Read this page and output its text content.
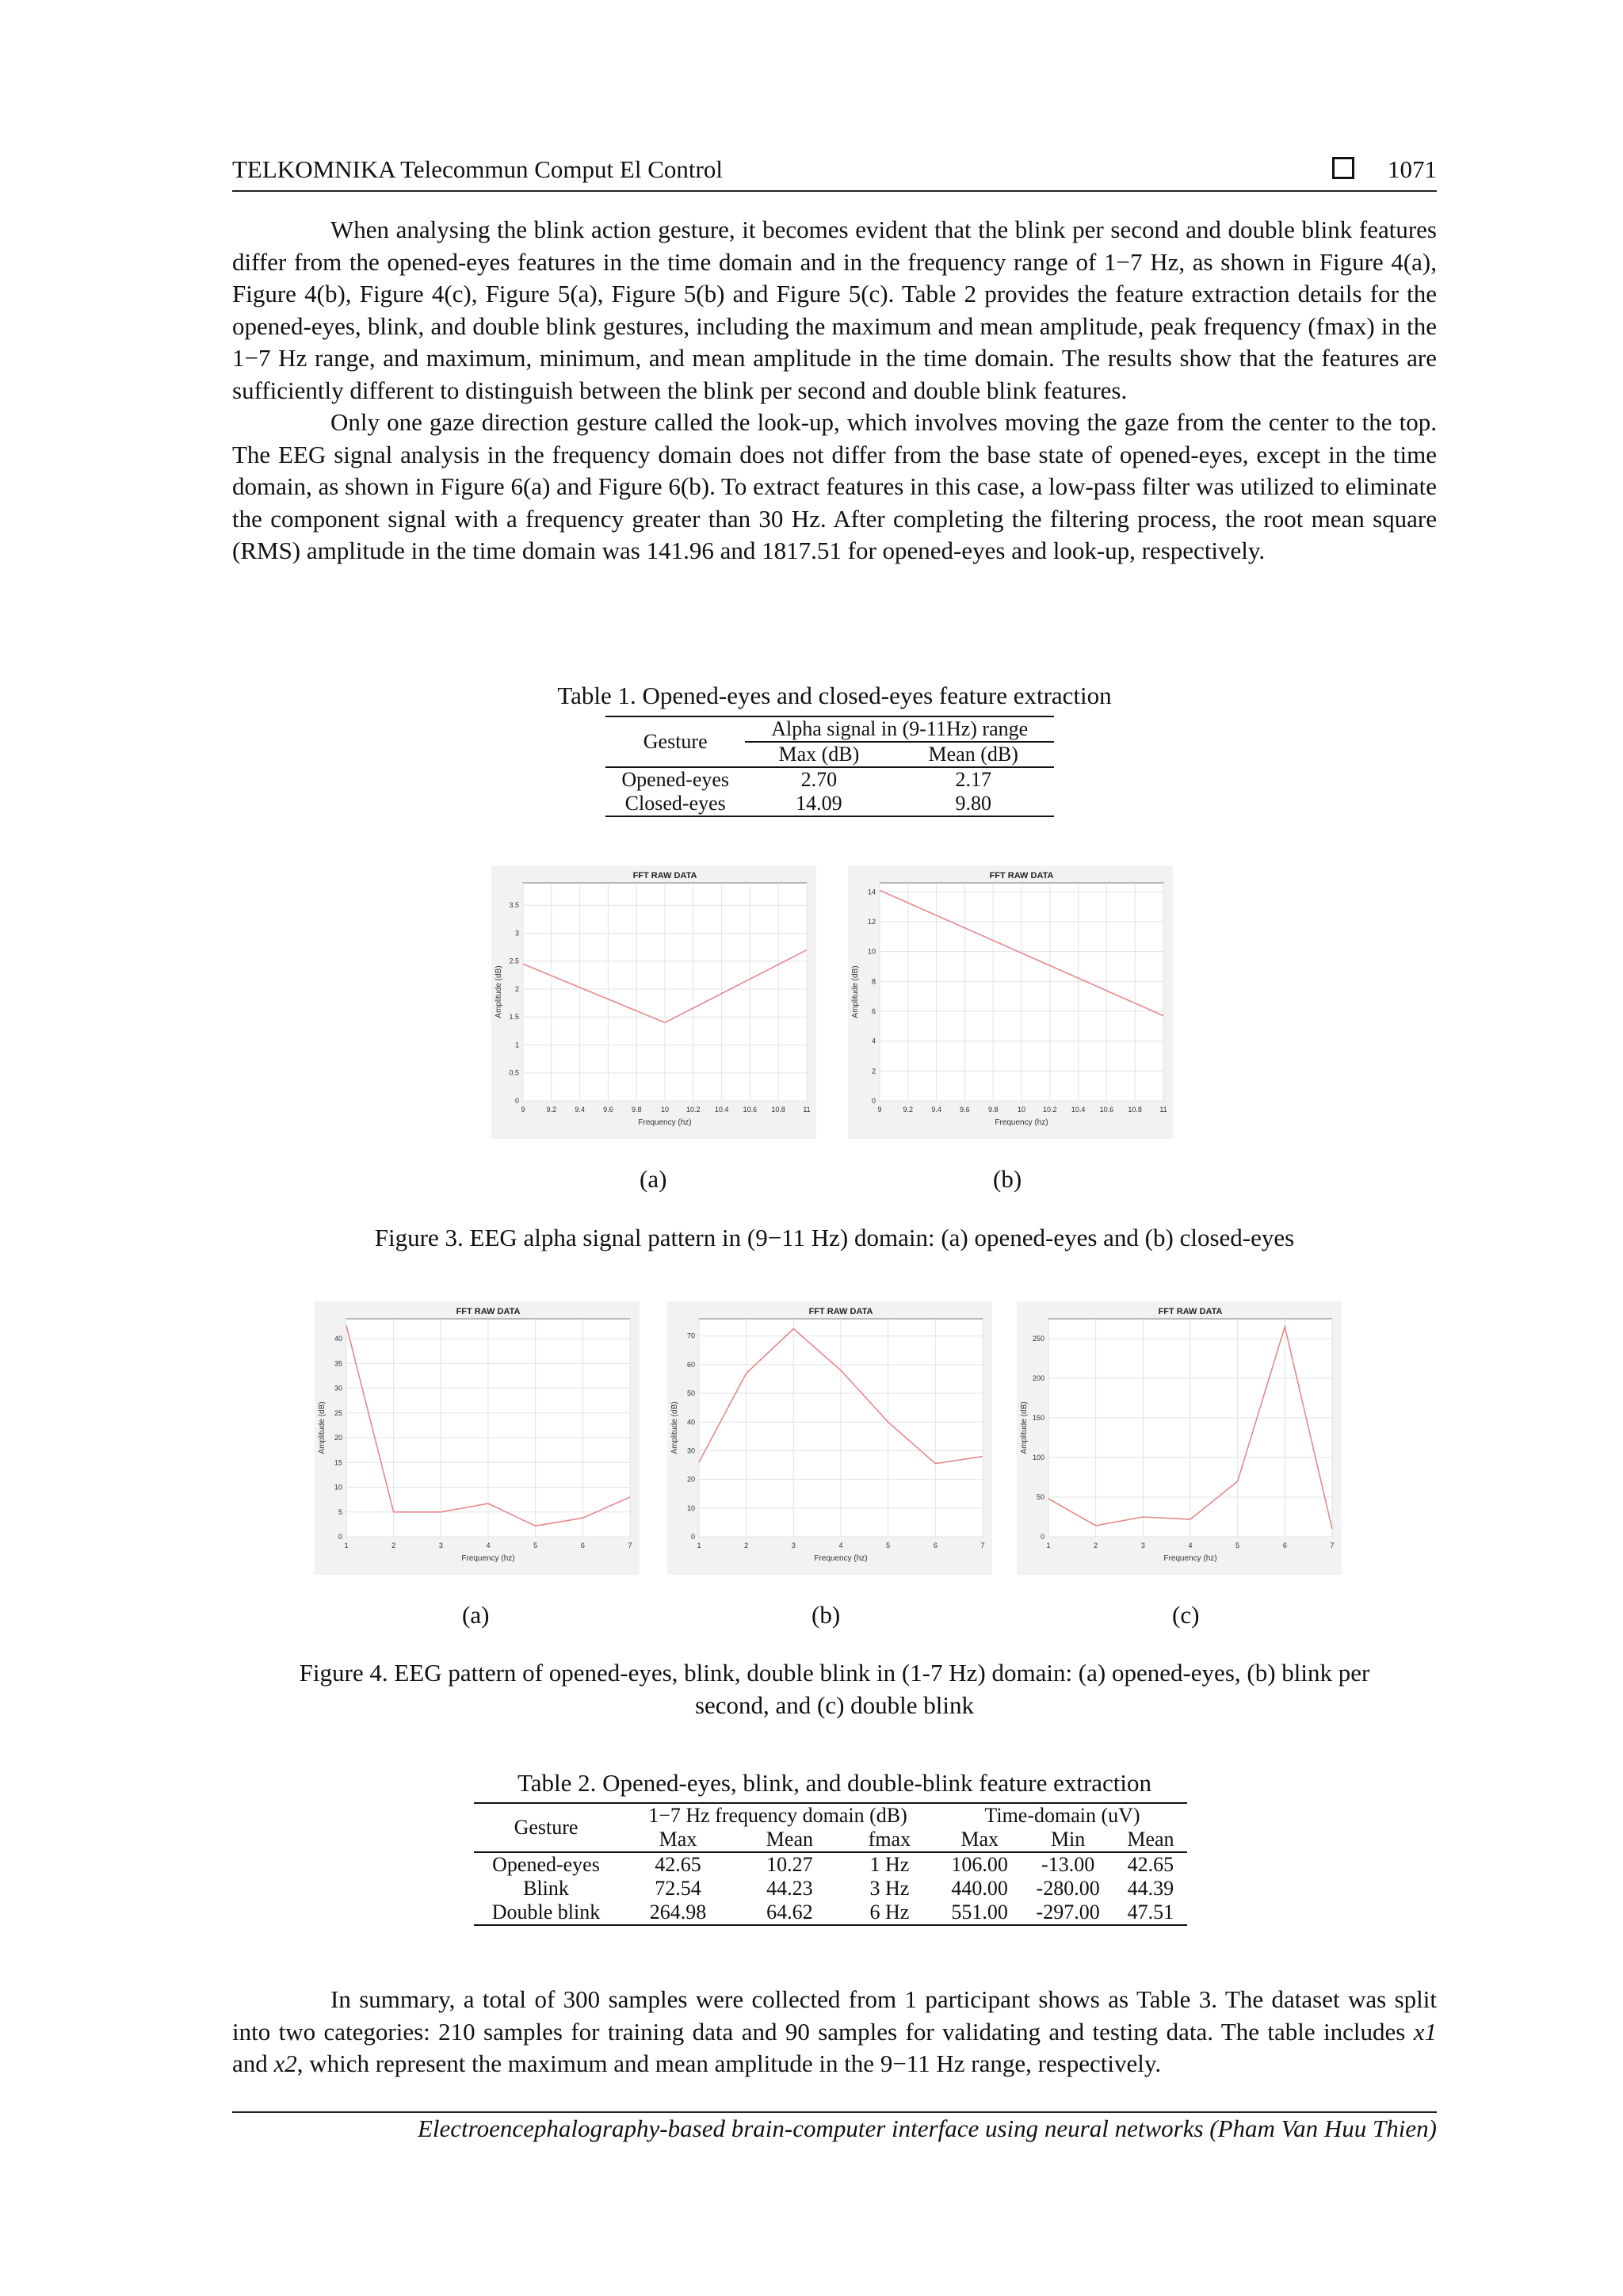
TELKOMNIKA Telecommun Comput El Control	1071

When analysing the blink action gesture, it becomes evident that the blink per second and double blink features differ from the opened-eyes features in the time domain and in the frequency range of 1−7 Hz, as shown in Figure 4(a), Figure 4(b), Figure 4(c), Figure 5(a), Figure 5(b) and Figure 5(c). Table 2 provides the feature extraction details for the opened-eyes, blink, and double blink gestures, including the maximum and mean amplitude, peak frequency (fmax) in the 1−7 Hz range, and maximum, minimum, and mean amplitude in the time domain. The results show that the features are sufficiently different to distinguish between the blink per second and double blink features.

Only one gaze direction gesture called the look-up, which involves moving the gaze from the center to the top. The EEG signal analysis in the frequency domain does not differ from the base state of opened-eyes, except in the time domain, as shown in Figure 6(a) and Figure 6(b). To extract features in this case, a low-pass filter was utilized to eliminate the component signal with a frequency greater than 30 Hz. After completing the filtering process, the root mean square (RMS) amplitude in the time domain was 141.96 and 1817.51 for opened-eyes and look-up, respectively.

Table 1. Opened-eyes and closed-eyes feature extraction
Gesture	Alpha signal in (9-11Hz) range	
	Max (dB)	Mean (dB)
Opened-eyes	2.70	2.17
Closed-eyes	14.09	9.80
9	9.2	9.4	9.6	9.8	10 10.2 10.4 10.6 10.8 11
0
0.5
1
1.5
2
2.5
3
3.5
FFT RAW DATA
Frequency (hz)
Amplitude (dB)
9	9.2	9.4	9.6	9.8	10 10.2 10.4 10.6 10.8 11
0
2
4
6
8
10
12
14
FFT RAW DATA
Frequency (hz)
Amplitude (dB)
(a)	(b)
Figure 3. EEG alpha signal pattern in (9−11 Hz) domain: (a) opened-eyes and (b) closed-eyes
1	2	3	4	5	6	7
0
5
10
15
20
25
30
35
40
FFT RAW DATA
Frequency (hz)
Amplitude (dB)
1	2	3	4	5	6	7
0
10
20
30
40
50
60
70
FFT RAW DATA
Frequency (hz)
Amplitude (dB)
1	2	3	4	5	6	7
0
50
100
150
200
250
FFT RAW DATA
Frequency (hz)
Amplitude (dB)
(a)	(b)	(c)
Figure 4. EEG pattern of opened-eyes, blink, double blink in (1-7 Hz) domain: (a) opened-eyes, (b) blink per
second, and (c) double blink
Table 2. Opened-eyes, blink, and double-blink feature extraction
Gesture	1−7 Hz frequency domain (dB)			Time-domain (uV)		
	Max	Mean	fmax	Max	Min	Mean
Opened-eyes	42.65	10.27	1 Hz	106.00	-13.00	42.65
Blink	72.54	44.23	3 Hz	440.00	-280.00	44.39
Double blink	264.98	64.62	6 Hz	551.00	-297.00	47.51

In summary, a total of 300 samples were collected from 1 participant shows as Table 3. The dataset was split into two categories: 210 samples for training data and 90 samples for validating and testing data. The table includes x1 and x2, which represent the maximum and mean amplitude in the 9−11 Hz range, respectively.

Electroencephalography-based brain-computer interface using neural networks (Pham Van Huu Thien)
